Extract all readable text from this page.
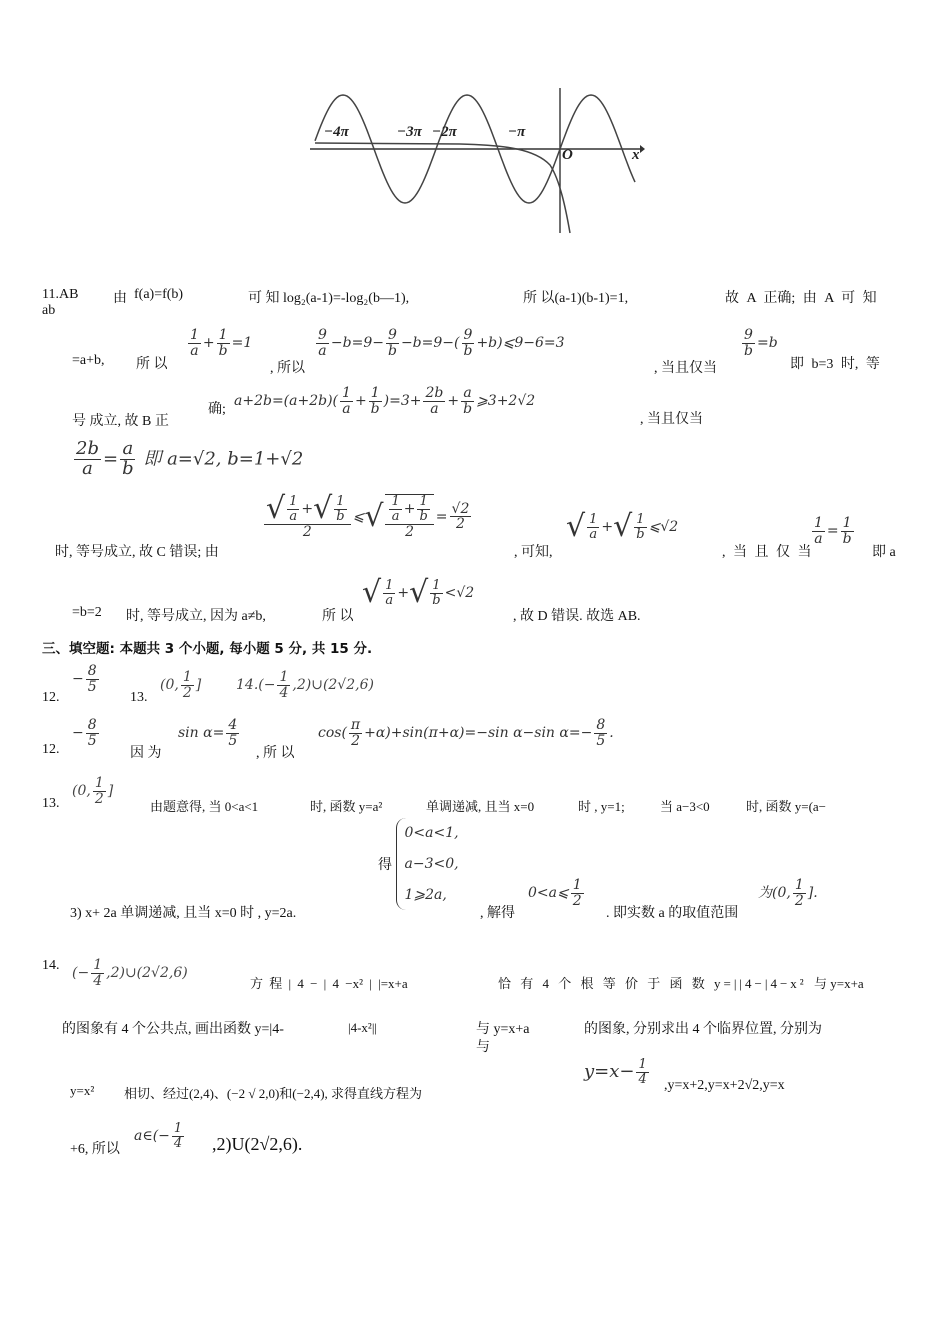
−4π	−3π −2π	−π
O	x
11.AB 由 f(a)=f(b)	可 知 log₂(a-1)=-log₂(b—1),	所 以(a-1)(b-1)=1,	故 A 正确; 由 A 可 知
ab
=a+b, 所 以
$\frac{1}{a} + \frac{1}{b} =1$
, 所以
$\frac{9}{a} -b=9- \frac{9}{b} -b=9-( \frac{9}{b}$ +b)⩽9−6=3
, 当且仅当
$\frac{9}{b} =b$
即 b=3 时, 等
号 成立, 故 B 正
确;
$a+2b=(a+2b)( \frac{1}{a} + \frac{1}{b} )=3+ \frac{2b}{a} + \frac{a}{b}$ ⩾3+2√2
, 当且仅当
$\frac{2b}{a} = \frac{a}{b}$ 即 a=√2, b=1+√2
时, 等号成立, 故 C 错误; 由
$\frac{√ \frac{1}{a} +√ \frac{1}{b}}{2}$ ⩽√ $\frac{\frac{1}{a} + \frac{1}{b}}{2} = \frac{√2}{2}$
, 可知,
√ $\frac{1}{a}$ +√ $\frac{1}{b}$ ⩽√2
, 当 且 仅 当
$\frac{1}{a} = \frac{1}{b}$
即 a
=b=2 时, 等号成立, 因为 a≠b,	所 以
√ $\frac{1}{a}$ +√ $\frac{1}{b} <√2$
, 故 D 错误. 故选 AB.
三、填空题: 本题共 3 个小题, 每小题 5 分, 共 15 分.
12.
− $\frac{8}{5}$
13.
(0, $\frac{1}{2}$ ] $14.(- \frac{1}{4}$ ,2)∪(2√2,6)
12.
− $\frac{8}{5}$
因 为
$\sin \alpha= \frac{4}{5}$
, 所 以
$\cos( \frac{\pi}{2} +\alpha)+\sin(\pi+\alpha)=-\sin$ α−sin $\alpha=- \frac{8}{5}$ .
13.
(0, $\frac{1}{2}$ ]
由题意得, 当 0<a<1	时, 函数 y=a²	单调递减, 且当 x=0	时 , y=1;	当 a−3<0	时, 函数 y=(a−
得 0<a<1,
a−3<0,
1⩾2a,
3) x+ 2a 单调递减, 且当 x=0 时 , y=2a.	, 解得
0<a⩽ $\frac{1}{2}$
. 即实数 a 的取值范围
为(0, $\frac{1}{2}$ ].
14. (− $\frac{1}{4}$ ,2)∪(2√2,6)
方 程 | 4 − | 4 −x² | |=x+a	恰 有 4 个 根 等 价 于 函 数 y=||4−|4−x² 与 y=x+a
的图象有 4 个公共点, 画出函数 y=|4-	|4-x²||	与 y=x+a
与
的图象, 分别求出 4 个临界位置, 分别为
y=x² 相切、经过(2,4)、(−2 √ 2,0)和(−2,4), 求得直线方程为
$y=x- \frac{1}{4} ,y=x+2,y=x+2√2,y=x$
+6, 所以
a∈(− $\frac{1}{4} ,2)U(2√2,6)$.
